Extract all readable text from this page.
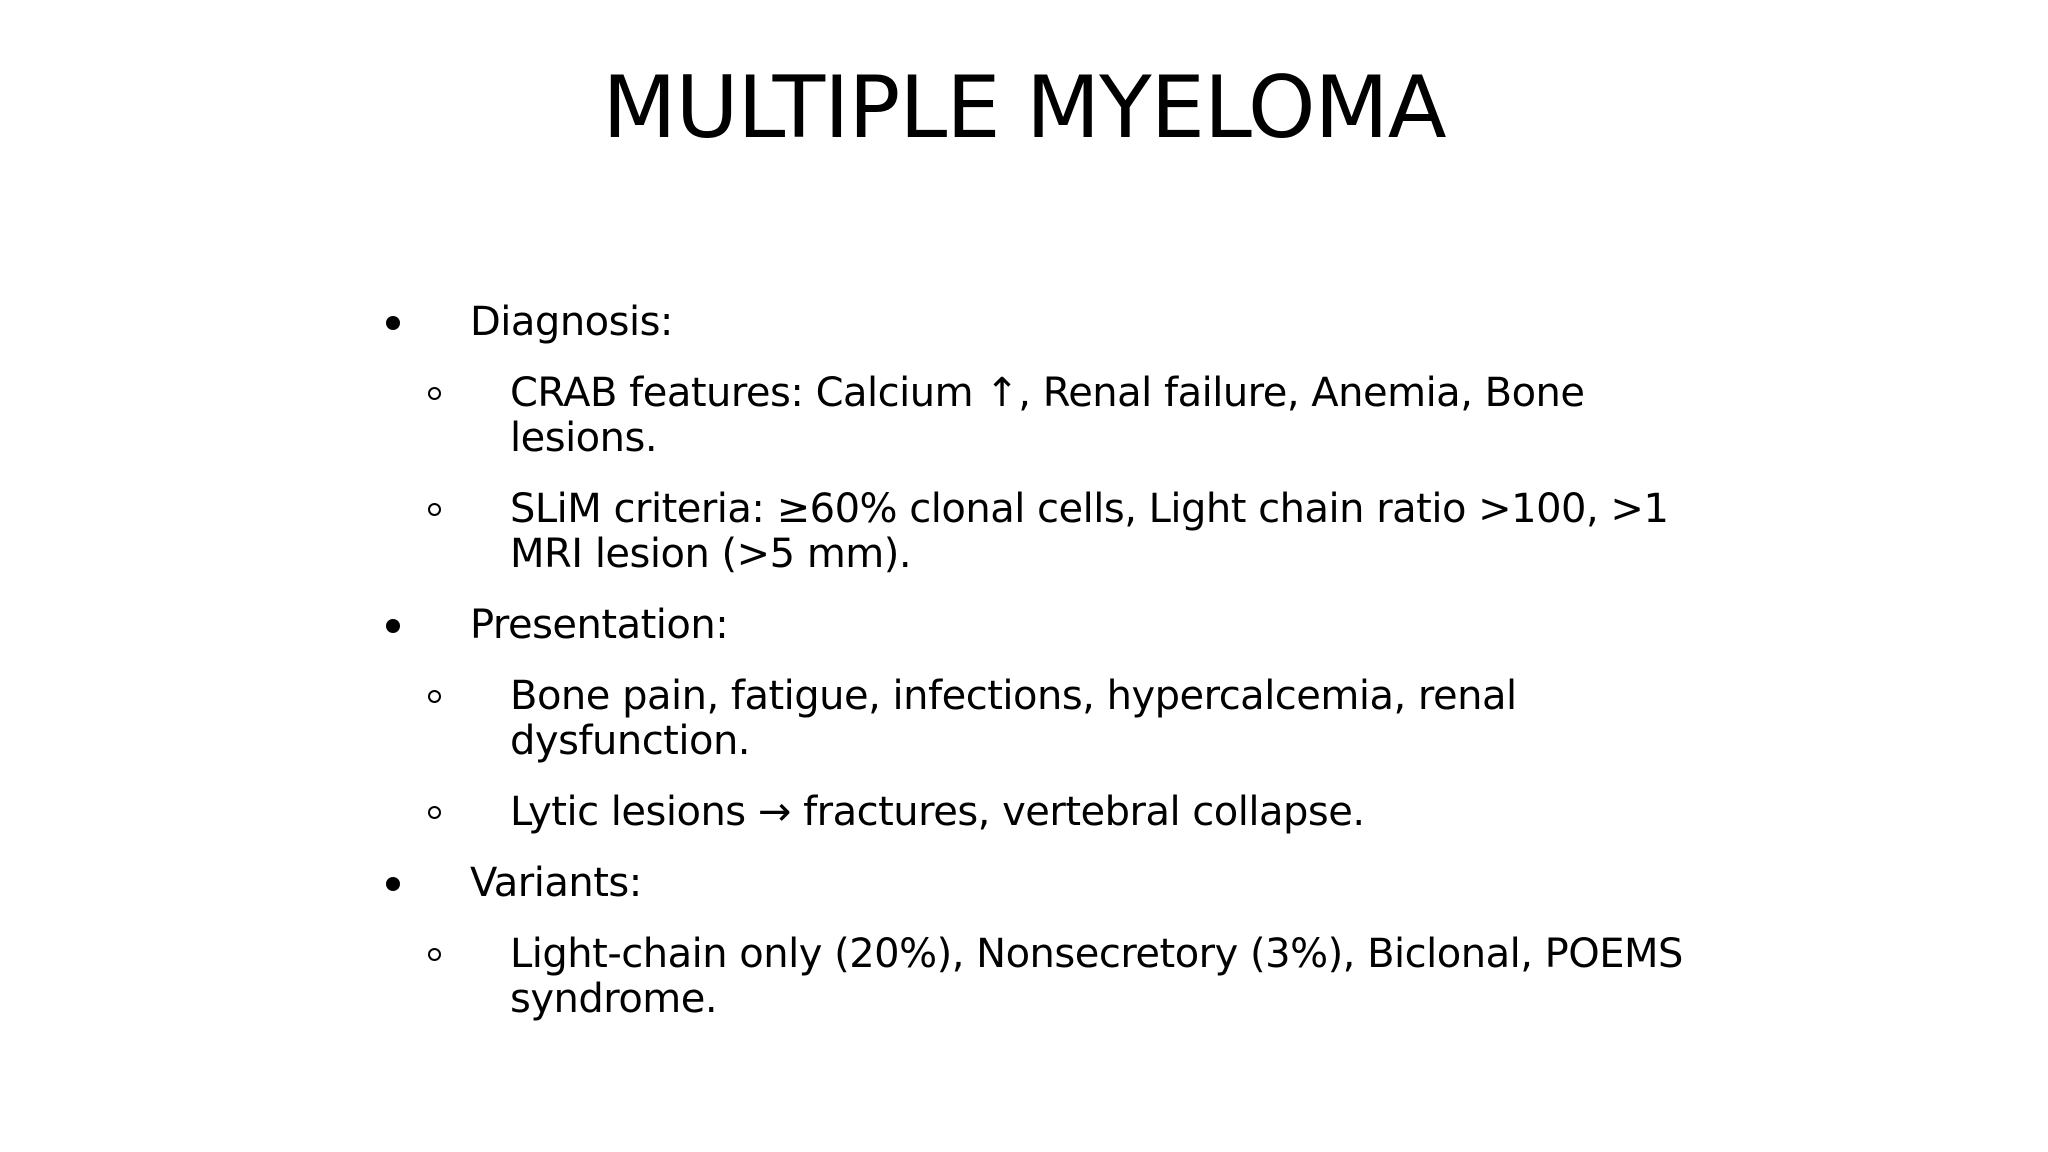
MULTIPLE MYELOMA
Diagnosis:
CRAB features: Calcium ↑, Renal failure, Anemia, Bone lesions.
SLiM criteria: ≥60% clonal cells, Light chain ratio >100, >1 MRI lesion (>5 mm).
Presentation:
Bone pain, fatigue, infections, hypercalcemia, renal dysfunction.
Lytic lesions → fractures, vertebral collapse.
Variants:
Light-chain only (20%), Nonsecretory (3%), Biclonal, POEMS syndrome.
